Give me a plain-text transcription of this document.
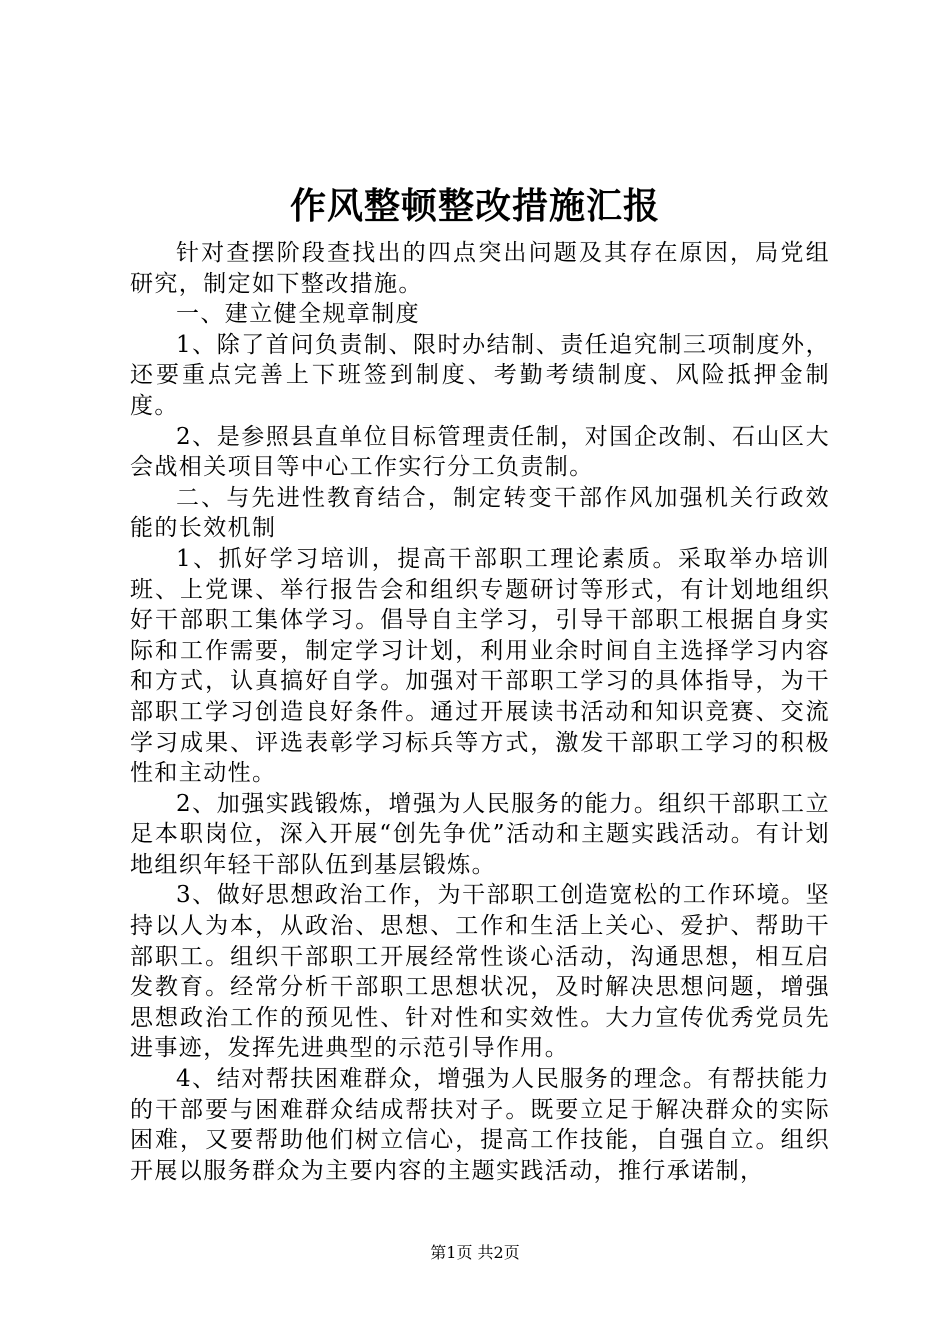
作风整顿整改措施汇报

针对查摆阶段查找出的四点突出问题及其存在原因，局党组研究，制定如下整改措施。

一、建立健全规章制度

1、除了首问负责制、限时办结制、责任追究制三项制度外，还要重点完善上下班签到制度、考勤考绩制度、风险抵押金制度。

2、是参照县直单位目标管理责任制，对国企改制、石山区大会战相关项目等中心工作实行分工负责制。

二、与先进性教育结合，制定转变干部作风加强机关行政效能的长效机制

1、抓好学习培训，提高干部职工理论素质。采取举办培训班、上党课、举行报告会和组织专题研讨等形式，有计划地组织好干部职工集体学习。倡导自主学习，引导干部职工根据自身实际和工作需要，制定学习计划，利用业余时间自主选择学习内容和方式，认真搞好自学。加强对干部职工学习的具体指导，为干部职工学习创造良好条件。通过开展读书活动和知识竞赛、交流学习成果、评选表彰学习标兵等方式，激发干部职工学习的积极性和主动性。

2、加强实践锻炼，增强为人民服务的能力。组织干部职工立足本职岗位，深入开展“创先争优”活动和主题实践活动。有计划地组织年轻干部队伍到基层锻炼。

3、做好思想政治工作，为干部职工创造宽松的工作环境。坚持以人为本，从政治、思想、工作和生活上关心、爱护、帮助干部职工。组织干部职工开展经常性谈心活动，沟通思想，相互启发教育。经常分析干部职工思想状况，及时解决思想问题，增强思想政治工作的预见性、针对性和实效性。大力宣传优秀党员先进事迹，发挥先进典型的示范引导作用。

4、结对帮扶困难群众，增强为人民服务的理念。有帮扶能力的干部要与困难群众结成帮扶对子。既要立足于解决群众的实际困难，又要帮助他们树立信心，提高工作技能，自强自立。组织开展以服务群众为主要内容的主题实践活动，推行承诺制，

第1页 共2页
